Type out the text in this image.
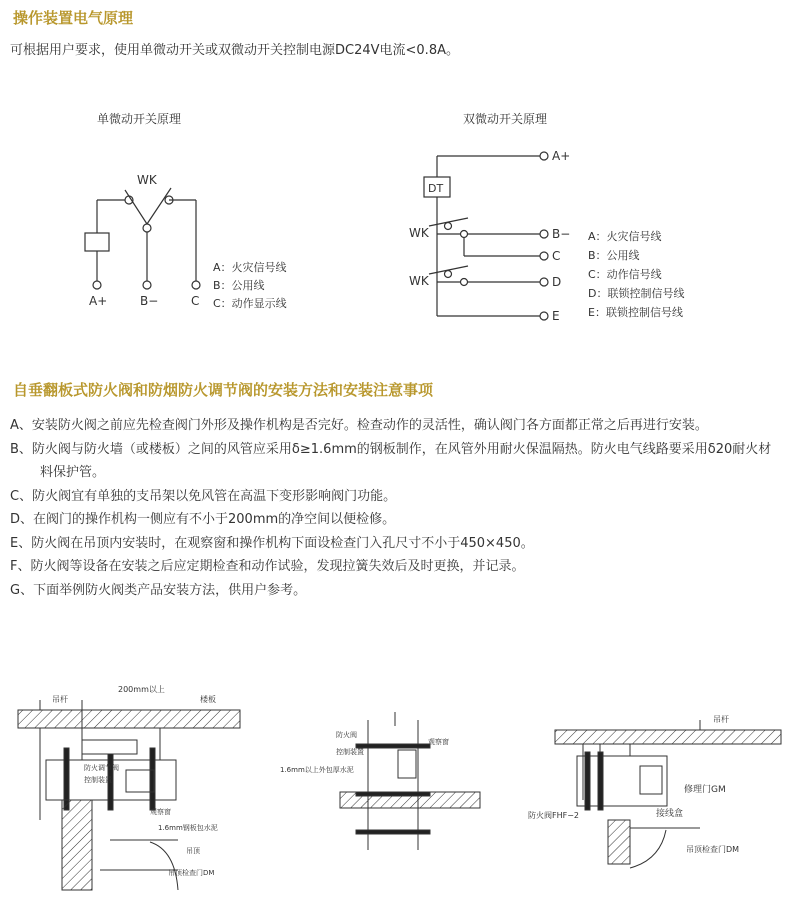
操作装置电气原理
可根据用户要求，使用单微动开关或双微动开关控制电源DC24V电流<0.8A。
单微动开关原理	双微动开关原理
WK
A+	B−	C
A：火灾信号线
B：公用线
C：动作显示线
DT
WK
WK
A+
B−
C
D
E
A：火灾信号线
B：公用线
C：动作信号线
D：联锁控制信号线
E：联锁控制信号线
吊杆
200mm以上
楼板
防火调节阀
控制装置
观察窗
1.6mm钢板包水泥
吊顶
吊顶检查门DM
防火阀
观察窗
控制装置
1.6mm以上外包厚水泥
吊杆
修理门GM
接线盒
防火阀FHF−2
吊顶检查门DM
自垂翻板式防火阀和防烟防火调节阀的安装方法和安装注意事项
A、安装防火阀之前应先检查阀门外形及操作机构是否完好。检查动作的灵活性，确认阀门各方面都正常之后再进行安装。
B、防火阀与防火墙（或楼板）之间的风管应采用δ≥1.6mm的钢板制作，在风管外用耐火保温隔热。防火电气线路要采用δ20耐火材料保护管。
C、防火阀宜有单独的支吊架以免风管在高温下变形影响阀门功能。
D、在阀门的操作机构一侧应有不小于200mm的净空间以便检修。
E、防火阀在吊顶内安装时，在观察窗和操作机构下面设检查门入孔尺寸不小于450×450。
F、防火阀等设备在安装之后应定期检查和动作试验，发现拉簧失效后及时更换，并记录。
G、下面举例防火阀类产品安装方法，供用户参考。
